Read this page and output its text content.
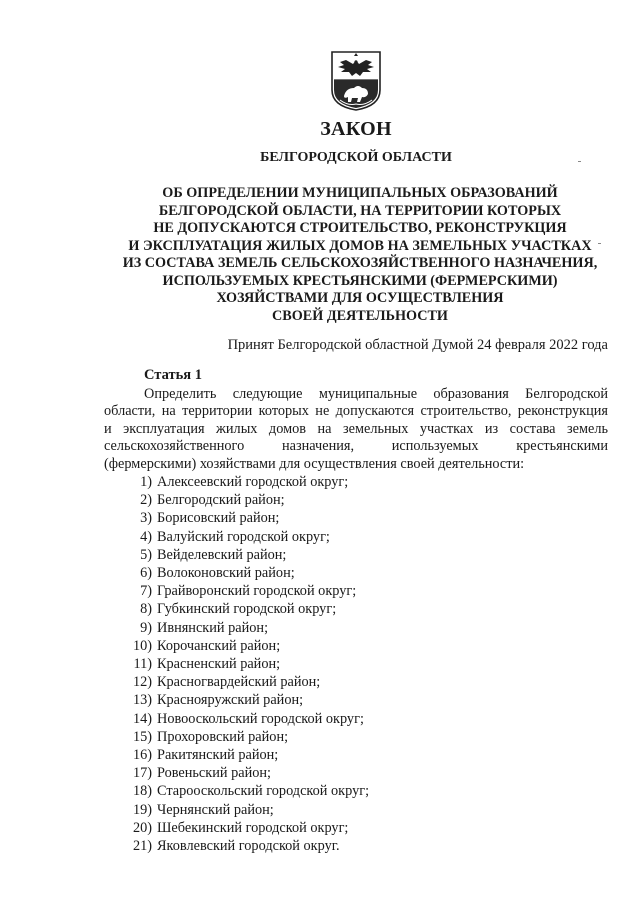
ЗАКОН
БЕЛГОРОДСКОЙ ОБЛАСТИ
ОБ ОПРЕДЕЛЕНИИ МУНИЦИПАЛЬНЫХ ОБРАЗОВАНИЙ
БЕЛГОРОДСКОЙ ОБЛАСТИ, НА ТЕРРИТОРИИ КОТОРЫХ
НЕ ДОПУСКАЮТСЯ СТРОИТЕЛЬСТВО, РЕКОНСТРУКЦИЯ
И ЭКСПЛУАТАЦИЯ ЖИЛЫХ ДОМОВ НА ЗЕМЕЛЬНЫХ УЧАСТКАХ
ИЗ СОСТАВА ЗЕМЕЛЬ СЕЛЬСКОХОЗЯЙСТВЕННОГО НАЗНАЧЕНИЯ,
ИСПОЛЬЗУЕМЫХ КРЕСТЬЯНСКИМИ (ФЕРМЕРСКИМИ)
ХОЗЯЙСТВАМИ ДЛЯ ОСУЩЕСТВЛЕНИЯ
СВОЕЙ ДЕЯТЕЛЬНОСТИ
Принят Белгородской областной Думой 24 февраля 2022 года
Статья 1
Определить следующие муниципальные образования Белгородской
области, на территории которых не допускаются строительство, реконструкция
и эксплуатация жилых домов на земельных участках из состава земель
сельскохозяйственного назначения, используемых крестьянскими
(фермерскими) хозяйствами для осуществления своей деятельности:
1) Алексеевский городской округ;
2) Белгородский район;
3) Борисовский район;
4) Валуйский городской округ;
5) Вейделевский район;
6) Волоконовский район;
7) Грайворонский городской округ;
8) Губкинский городской округ;
9) Ивнянский район;
10) Корочанский район;
11) Красненский район;
12) Красногвардейский район;
13) Краснояружский район;
14) Новооскольский городской округ;
15) Прохоровский район;
16) Ракитянский район;
17) Ровеньский район;
18) Старооскольский городской округ;
19) Чернянский район;
20) Шебекинский городской округ;
21) Яковлевский городской округ.
